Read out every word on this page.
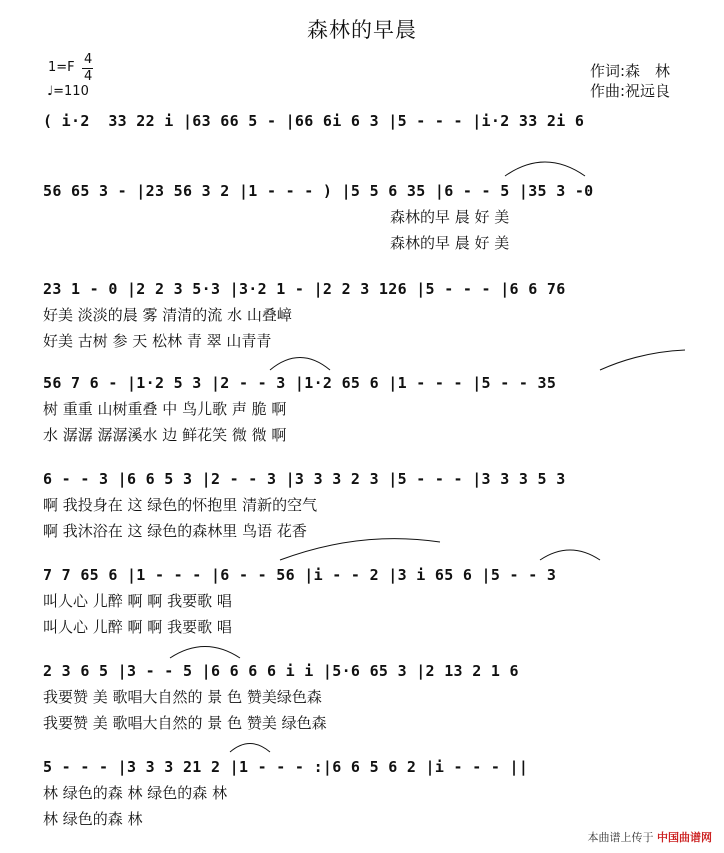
森林的早晨
1=F
4
4
♩=110
作词:森　林
作曲:祝远良
( i·2  33 22 i |63 66 5 - |66 6i 6 3 |5 - - - |i·2 33 2i 6
56 65 3 - |23 56 3 2 |1 - - - ) |5 5 6 35 |6 - - 5 |35 3 -0
森林的早 晨 好 美
森林的早 晨 好 美
23 1 - 0 |2 2 3 5·3 |3·2 1 - |2 2 3 126 |5 - - - |6 6 76
好美 淡淡的晨 雾 清清的流 水 山叠嶂
好美 古树 参 天 松林 青 翠 山青青
56 7 6 - |1·2 5 3 |2 - - 3 |1·2 65 6 |1 - - - |5 - - 35
树 重重 山树重叠 中 鸟儿歌 声 脆 啊
水 潺潺 潺潺溪水 边 鲜花笑 微 微 啊
6 - - 3 |6 6 5 3 |2 - - 3 |3 3 3 2 3 |5 - - - |3 3 3 5 3
啊 我投身在 这 绿色的怀抱里 清新的空气
啊 我沐浴在 这 绿色的森林里 鸟语 花香
7 7 65 6 |1 - - - |6 - - 56 |i - - 2 |3 i 65 6 |5 - - 3
叫人心 儿醉 啊 啊 我要歌 唱
叫人心 儿醉 啊 啊 我要歌 唱
2 3 6 5 |3 - - 5 |6 6 6 6 i i |5·6 65 3 |2 13 2 1 6
我要赞 美 歌唱大自然的 景 色 赞美绿色森
我要赞 美 歌唱大自然的 景 色 赞美 绿色森
5 - - - |3 3 3 21 2 |1 - - - :|6 6 5 6 2 |i - - - ||
林 绿色的森 林 绿色的森 林
林 绿色的森 林
本曲谱上传于 中国曲谱网
